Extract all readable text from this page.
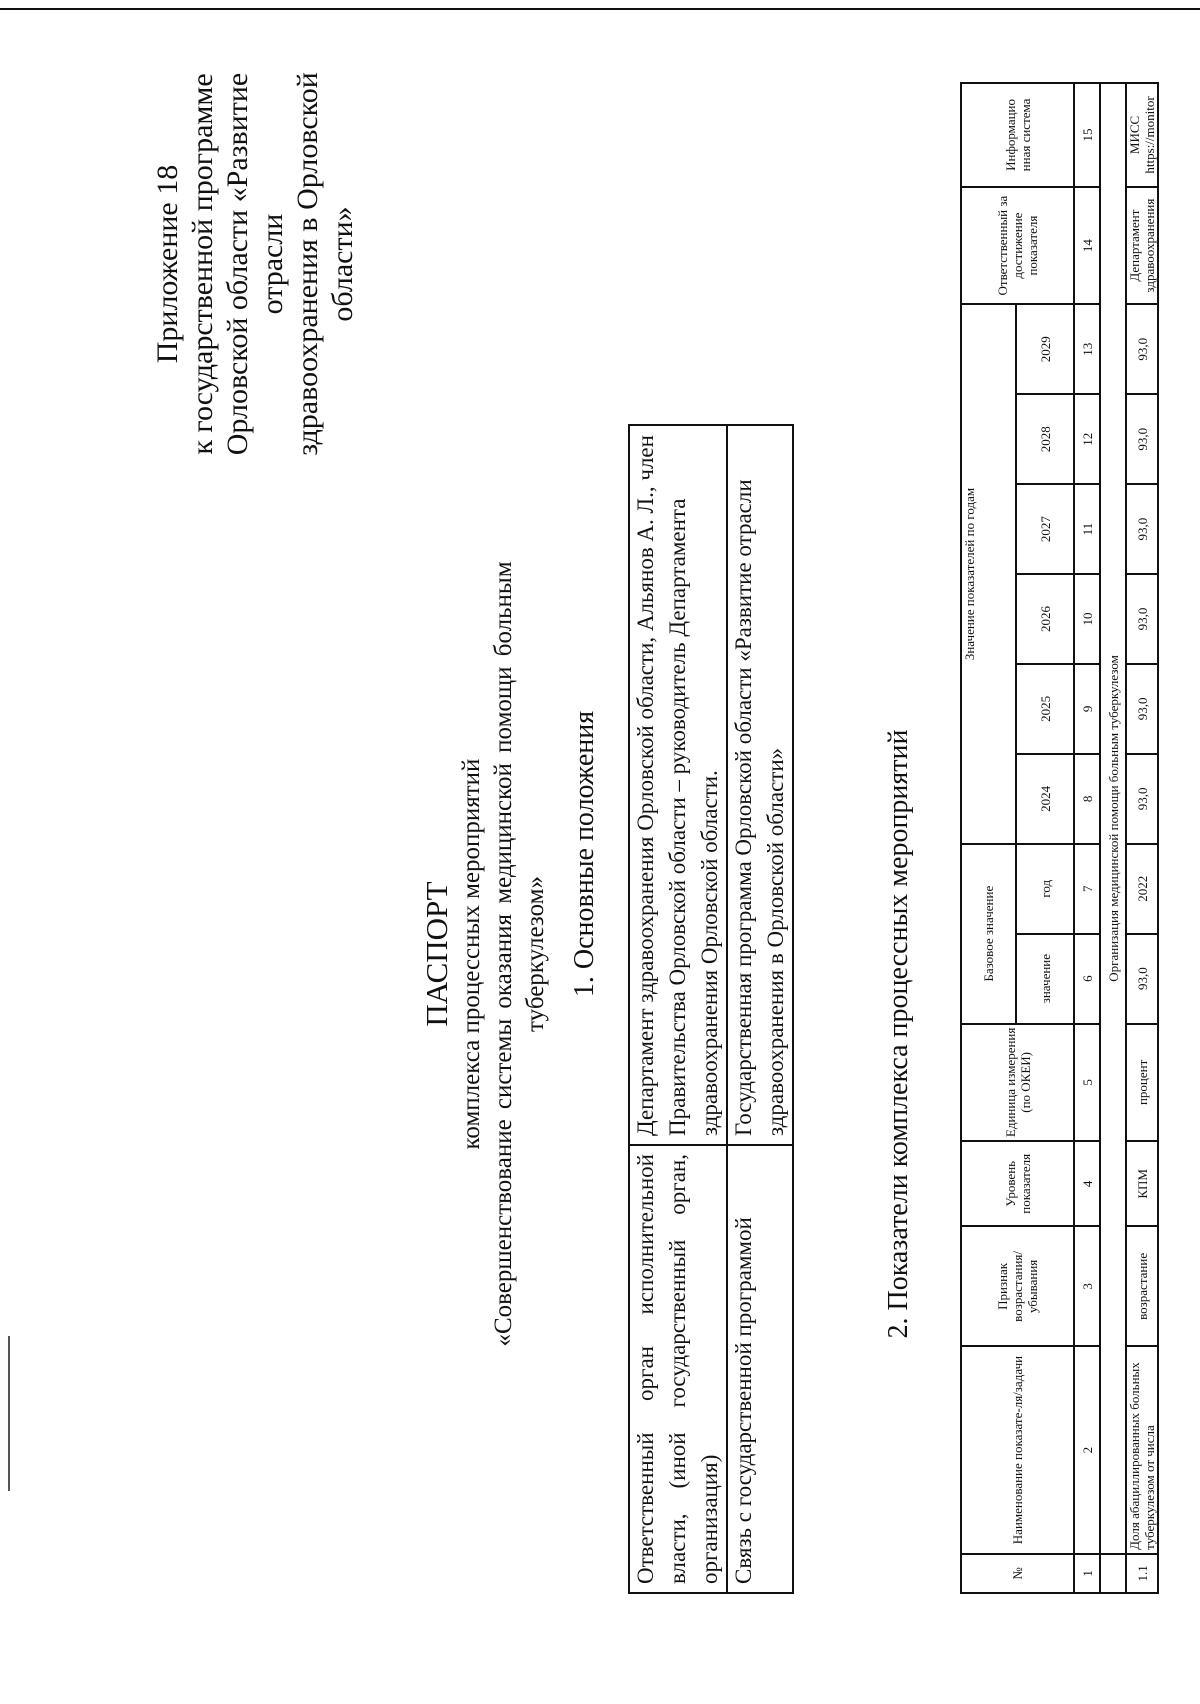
Приложение 18 к государственной программе Орловской области «Развитие отрасли здравоохранения в Орловской области»
ПАСПОРТ комплекса процессных мероприятий «Совершенствование системы оказания медицинской помощи больным туберкулезом» 1. Основные положения
Ответственный орган исполнительной власти, (иной государственный орган, организация)	Департамент здравоохранения Орловской области, Альянов А. Л., член Правительства Орловской области – руководитель Департамента здравоохранения Орловской области.
Связь с государственной программой	Государственная программа Орловской области «Развитие отрасли здравоохранения в Орловской области»	2. Показатели комплекса процессных мероприятий
№	Наименование показате-ля/задачи	Признак возрастания/ убывания	Уровень показателя	Единица измерения (по ОКЕИ)	Базовое значение		Значение показателей по годам						Ответственный за достижение показателя	Информацио нная система
					значение	год	2024	2025	2026	2027	2028	2029		
1	2	3	4	5	6	7	8	9	10	11	12	13	14	15
	Организация медицинской помощи больным туберкулезом													
1.1	Доля абациллированных больных туберкулезом от числа	возрастание	КПМ	процент	93,0	2022	93,0	93,0	93,0	93,0	93,0	93,0	Департамент здравоохранения	МИСС https://monitor
